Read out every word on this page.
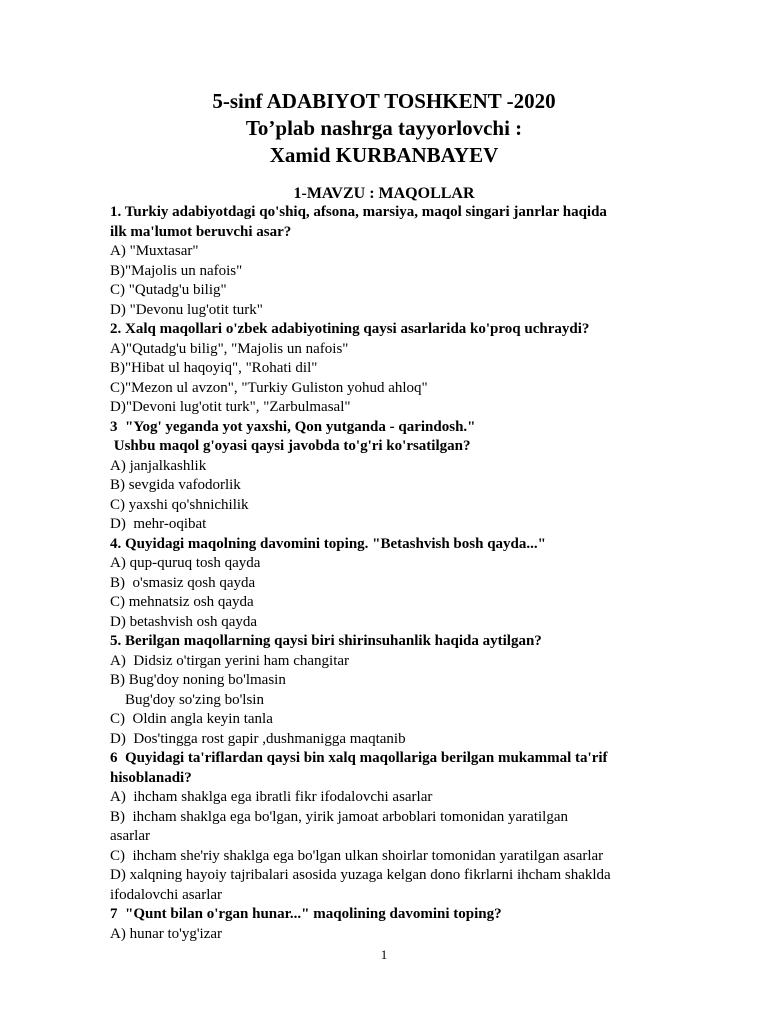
5-sinf ADABIYOT TOSHKENT -2020
To’plab nashrga tayyorlovchi :
Xamid KURBANBAYEV
1-MAVZU : MAQOLLAR
1. Turkiy adabiyotdagi qo'shiq, afsona, marsiya, maqol singari janrlar haqida
ilk ma'lumot beruvchi asar?
A) "Muxtasar"
B)"Majolis un nafois"
C) "Qutadg'u bilig"
D) "Devonu lug'otit turk"
2. Xalq maqollari o'zbek adabiyotining qaysi asarlarida ko'proq uchraydi?
A)"Qutadg'u bilig", "Majolis un nafois"
B)"Hibat ul haqoyiq", "Rohati dil"
C)"Mezon ul avzon", "Turkiy Guliston yohud ahloq"
D)"Devoni lug'otit turk", "Zarbulmasal"
3  "Yog' yeganda yot yaxshi, Qon yutganda - qarindosh."
Ushbu maqol g'oyasi qaysi javobda to'g'ri ko'rsatilgan?
A) janjalkashlik
B) sevgida vafodorlik
C) yaxshi qo'shnichilik
D)  mehr-oqibat
4. Quyidagi maqolning davomini toping. "Betashvish bosh qayda..."
A) qup-quruq tosh qayda
B)  o'smasiz qosh qayda
C) mehnatsiz osh qayda
D) betashvish osh qayda
5. Berilgan maqollarning qaysi biri shirinsuhanlik haqida aytilgan?
A)  Didsiz o'tirgan yerini ham changitar
B) Bug'doy noning bo'lmasin
Bug'doy so'zing bo'lsin
C)  Oldin angla keyin tanla
D)  Dos'tingga rost gapir ,dushmanigga maqtanib
6  Quyidagi ta'riflardan qaysi bin xalq maqollariga berilgan mukammal ta'rif
hisoblanadi?
A)  ihcham shaklga ega ibratli fikr ifodalovchi asarlar
B)  ihcham shaklga ega bo'lgan, yirik jamoat arboblari tomonidan yaratilgan
asarlar
C)  ihcham she'riy shaklga ega bo'lgan ulkan shoirlar tomonidan yaratilgan asarlar
D) xalqning hayoiy tajribalari asosida yuzaga kelgan dono fikrlarni ihcham shaklda
ifodalovchi asarlar
7  "Qunt bilan o'rgan hunar..." maqolining davomini toping?
A) hunar to'yg'izar
1
